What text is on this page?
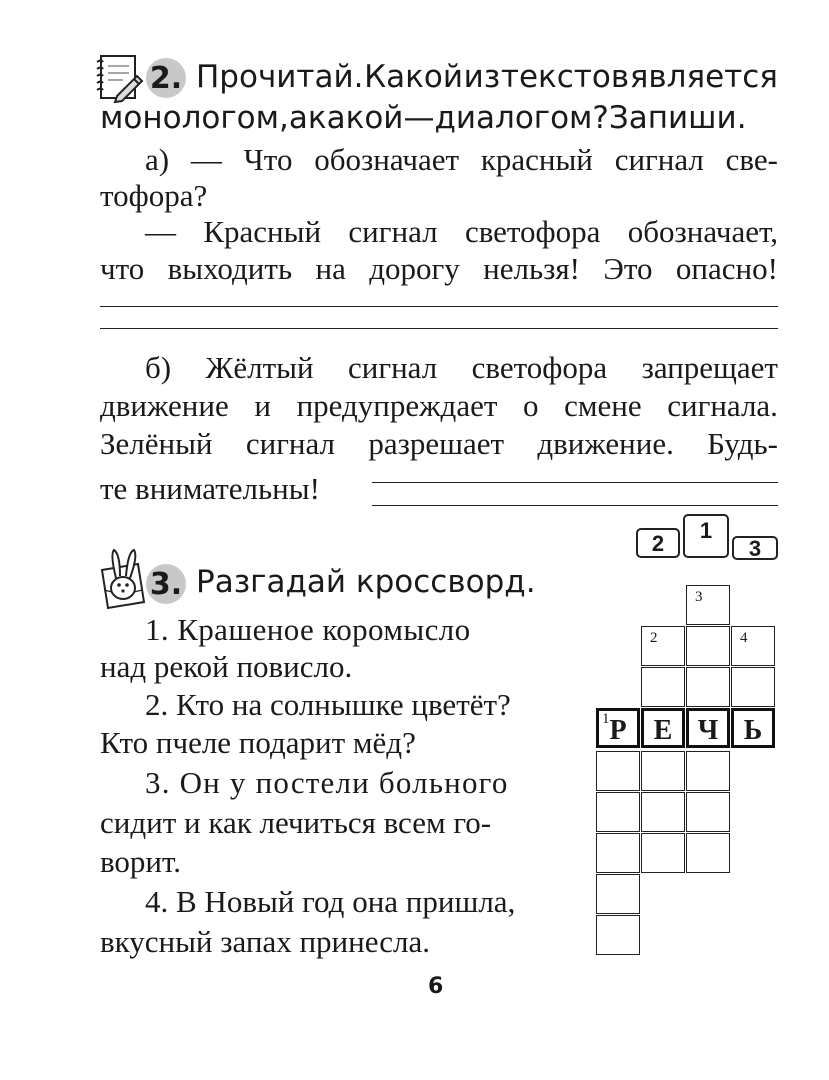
2. Прочитай. Какой из текстов является
монологом, а какой — диалогом? Запиши.
а) — Что обозначает красный сигнал све-
тофора?
— Красный сигнал светофора обозначает,
что выходить на дорогу нельзя! Это опасно!
б) Жёлтый сигнал светофора запрещает
движение и предупреждает о смене сигнала.
Зелёный сигнал разрешает движение. Будь-
те внимательны!
2
1
3
3. Разгадай кроссворд.
1. Крашеное коромысло
над рекой повисло.
2. Кто на солнышке цветёт?
Кто пчеле подарит мёд?
3. Он у постели больного
сидит и как лечиться всем го-
ворит.
4. В Новый год она пришла,
вкусный запах принесла.
3
2	4
1 Р Е Ч Ь
6
